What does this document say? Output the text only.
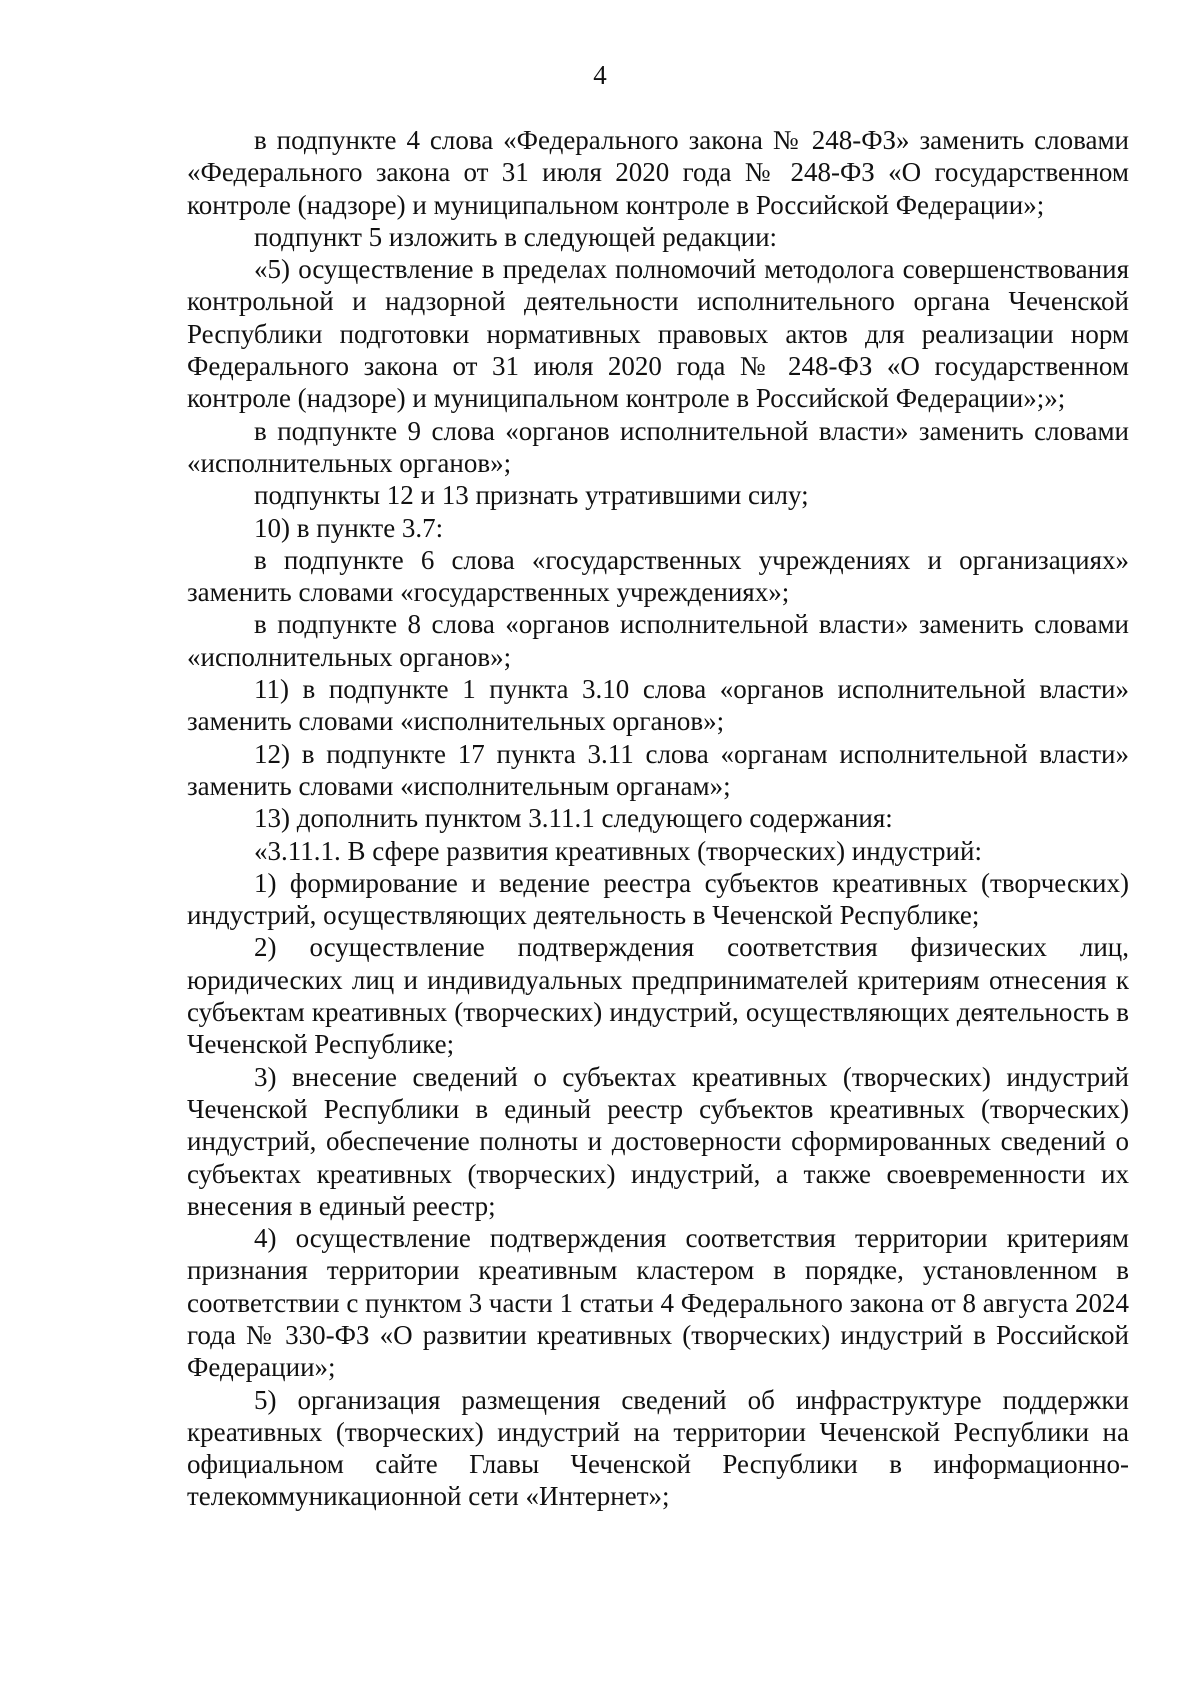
4

в подпункте 4 слова «Федерального закона № 248-ФЗ» заменить словами «Федерального закона от 31 июля 2020 года № 248-ФЗ «О государственном контроле (надзоре) и муниципальном контроле в Российской Федерации»;

подпункт 5 изложить в следующей редакции:

«5) осуществление в пределах полномочий методолога совершенствования контрольной и надзорной деятельности исполнительного органа Чеченской Республики подготовки нормативных правовых актов для реализации норм Федерального закона от 31 июля 2020 года № 248-ФЗ «О государственном контроле (надзоре) и муниципальном контроле в Российской Федерации»;»;

в подпункте 9 слова «органов исполнительной власти» заменить словами «исполнительных органов»;

подпункты 12 и 13 признать утратившими силу;

10) в пункте 3.7:

в подпункте 6 слова «государственных учреждениях и организациях» заменить словами «государственных учреждениях»;

в подпункте 8 слова «органов исполнительной власти» заменить словами «исполнительных органов»;

11) в подпункте 1 пункта 3.10 слова «органов исполнительной власти» заменить словами «исполнительных органов»;

12) в подпункте 17 пункта 3.11 слова «органам исполнительной власти» заменить словами «исполнительным органам»;

13) дополнить пунктом 3.11.1 следующего содержания:

«3.11.1. В сфере развития креативных (творческих) индустрий:

1) формирование и ведение реестра субъектов креативных (творческих) индустрий, осуществляющих деятельность в Чеченской Республике;

2) осуществление подтверждения соответствия физических лиц, юридических лиц и индивидуальных предпринимателей критериям отнесения к субъектам креативных (творческих) индустрий, осуществляющих деятельность в Чеченской Республике;

3) внесение сведений о субъектах креативных (творческих) индустрий Чеченской Республики в единый реестр субъектов креативных (творческих) индустрий, обеспечение полноты и достоверности сформированных сведений о субъектах креативных (творческих) индустрий, а также своевременности их внесения в единый реестр;

4) осуществление подтверждения соответствия территории критериям признания территории креативным кластером в порядке, установленном в соответствии с пунктом 3 части 1 статьи 4 Федерального закона от 8 августа 2024 года № 330-ФЗ «О развитии креативных (творческих) индустрий в Российской Федерации»;

5) организация размещения сведений об инфраструктуре поддержки креативных (творческих) индустрий на территории Чеченской Республики на официальном сайте Главы Чеченской Республики в информационно-телекоммуникационной сети «Интернет»;
